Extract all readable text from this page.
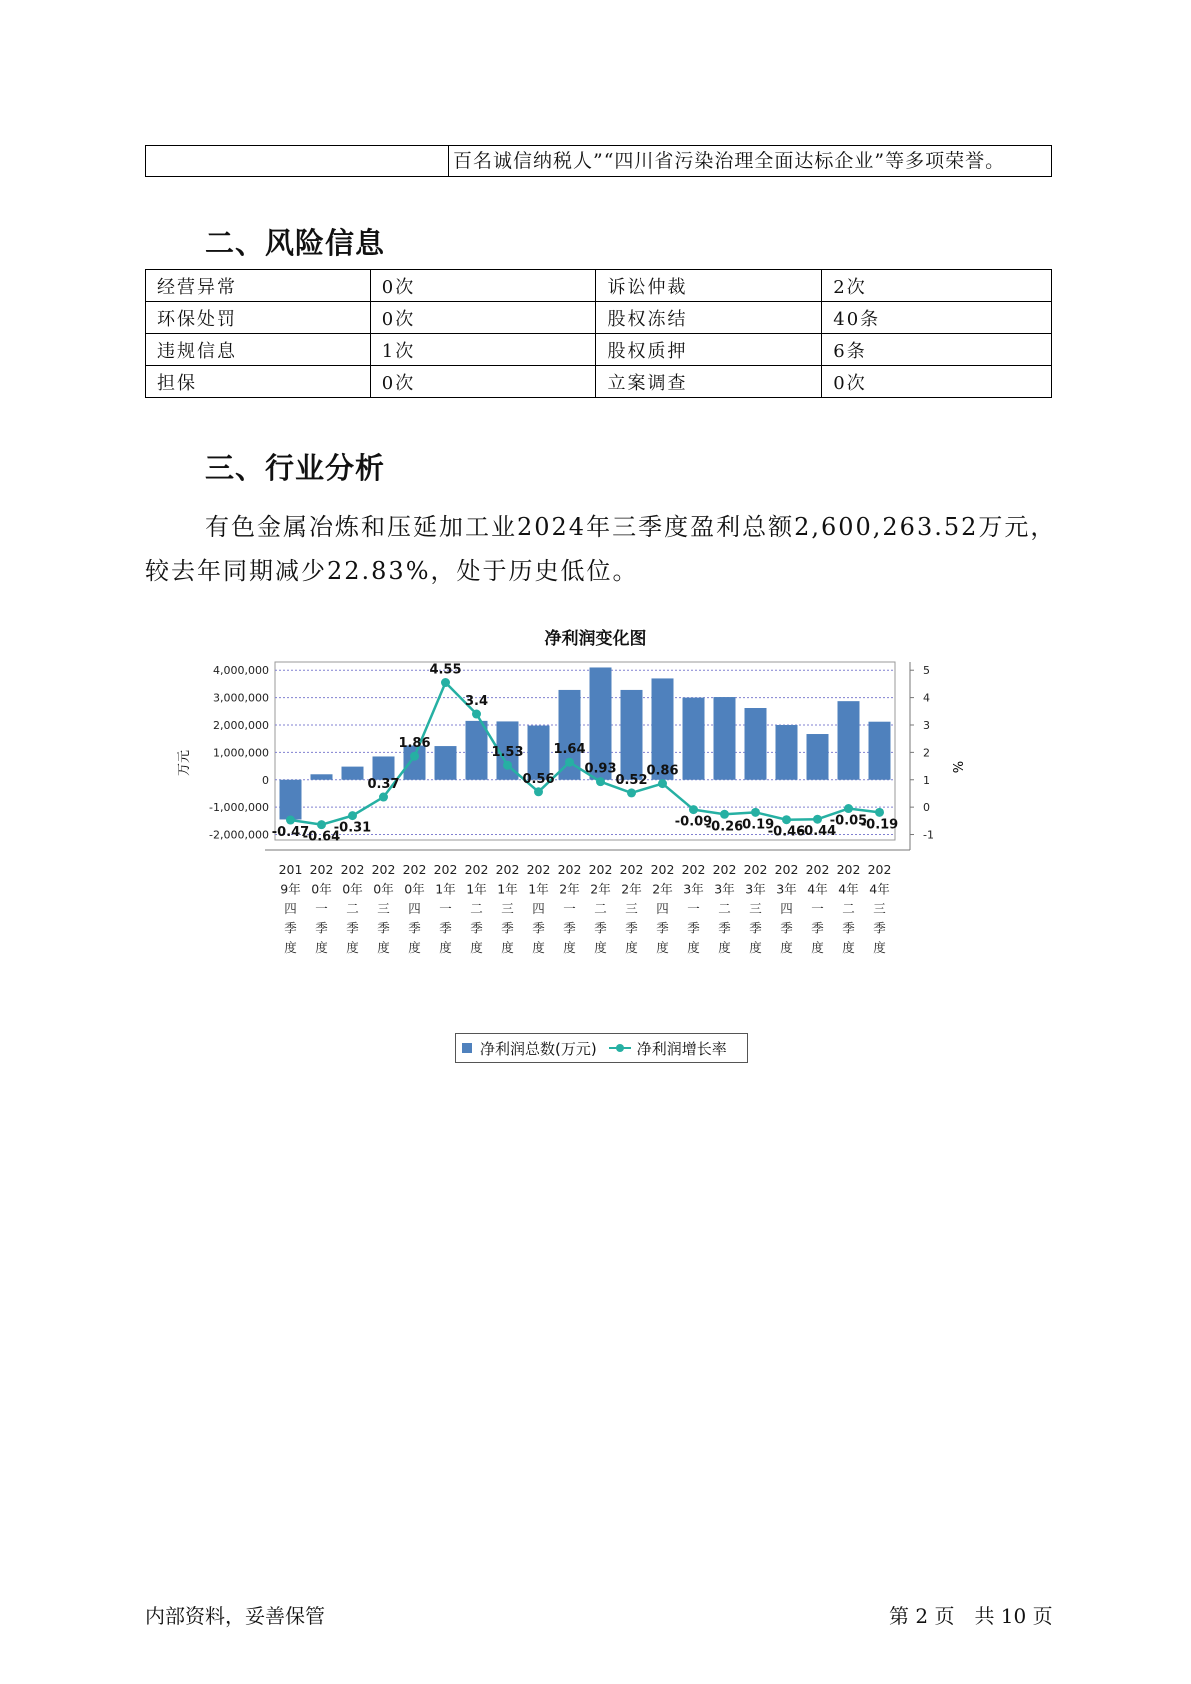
百名诚信纳税人”“四川省污染治理全面达标企业”等多项荣誉。
二、风险信息
经营异常	0次	诉讼仲裁	2次
环保处罚	0次	股权冻结	40条
违规信息	1次	股权质押	6条
担保	0次	立案调查	0次
三、行业分析
有色金属冶炼和压延加工业2024年三季度盈利总额2,600,263.52万元，
较去年同期减少22.83%，处于历史低位。
净利润变化图
4,000,000
3,000,000
2,000,000
1,000,000
0
-1,000,000
-2,000,000
5
4
3
2
1
0
-1
万元	%
-0.47
-0.64
-0.31
0.37
1.86
4.55
3.4
1.53
0.56
1.64
0.93
0.52
0.86
-0.09
-0.26
-0.19
-0.46
-0.44
-0.05
-0.19
201
9年
四
季
度
202
0年
一
季
度
202
0年
二
季
度
202
0年
三
季
度
202
0年
四
季
度
202
1年
一
季
度
202
1年
二
季
度
202
1年
三
季
度
202
1年
四
季
度
202
2年
一
季
度
202
2年
二
季
度
202
2年
三
季
度
202
2年
四
季
度
202
3年
一
季
度
202
3年
二
季
度
202
3年
三
季
度
202
3年
四
季
度
202
4年
一
季
度
202
4年
二
季
度
202
4年
三
季
度
净利润总数(万元)	净利润增长率
内部资料，妥善保管	第 2 页　共 10 页
